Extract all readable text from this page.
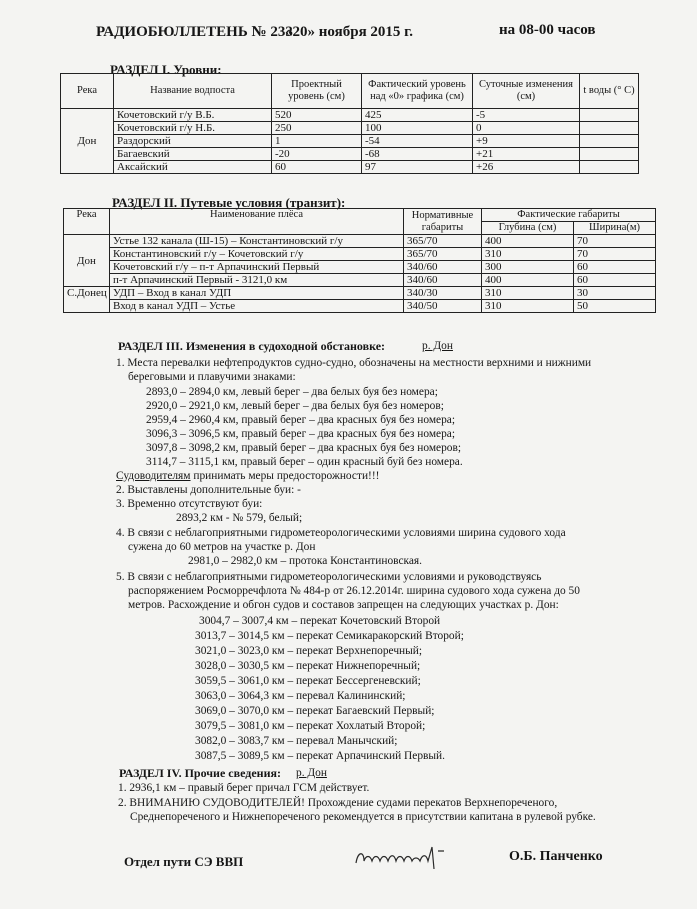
РАДИОБЮЛЛЕТЕНЬ № 233
«20» ноября 2015 г.	на 08-00 часов
РАЗДЕЛ I. Уровни:
Река	Название водпоста	Проектный уровень (см)	Фактический уровень над «0» графика (см)	Суточные изменения (см)	t воды (° С)
Дон	Кочетовский г/у В.Б.	520	425	-5	
	Кочетовский г/у Н.Б.	250	100	0	
	Раздорский	1	-54	+9	
	Багаевский	-20	-68	+21	
	Аксайский	60	97	+26	
РАЗДЕЛ II. Путевые условия (транзит):
Река	Наименование плёса	Нормативные габариты	Фактические габариты	
			Глубина (см)	Ширина(м)
Дон	Устье 132 канала (Ш-15) – Константиновский г/у	365/70	400	70
	Константиновский г/у – Кочетовский г/у	365/70	310	70
	Кочетовский г/у – п-т Арпачинский Первый	340/60	300	60
	п-т Арпачинский Первый - 3121,0 км	340/60	400	60
С.Донец	УДП – Вход в канал УДП	340/30	310	30
	Вход в канал УДП – Устье	340/50	310	50
РАЗДЕЛ III. Изменения в судоходной обстановке:	р. Дон
1. Места перевалки нефтепродуктов судно-судно, обозначены на местности верхними и нижними
береговыми и плавучими знаками:
2893,0 – 2894,0 км, левый берег – два белых буя без номера;
2920,0 – 2921,0 км, левый берег – два белых буя без номеров;
2959,4 – 2960,4 км, правый берег – два красных буя без номера;
3096,3 – 3096,5 км, правый берег – два красных буя без номера;
3097,8 – 3098,2 км, правый берег – два красных буя без номеров;
3114,7 – 3115,1 км, правый берег – один красный буй без номера.
Судоводителям принимать меры предосторожности!!!
2. Выставлены дополнительные буи: -
3. Временно отсутствуют буи:
2893,2 км - № 579, белый;
4. В связи с неблагоприятными гидрометеорологическими условиями ширина судового хода
сужена до 60 метров на участке р. Дон
2981,0 – 2982,0 км – протока Константиновская.
5. В связи с неблагоприятными гидрометеорологическими условиями и руководствуясь
распоряжением Росморречфлота № 484-р от 26.12.2014г. ширина судового хода сужена до 50
метров. Расхождение и обгон судов и составов запрещен на следующих участках р. Дон:
3004,7 – 3007,4 км – перекат Кочетовский Второй
3013,7 – 3014,5 км – перекат Семикаракорский Второй;
3021,0 – 3023,0 км – перекат Верхнепоречный;
3028,0 – 3030,5 км – перекат Нижнепоречный;
3059,5 – 3061,0 км – перекат Бессергеневский;
3063,0 – 3064,3 км – перевал Калининский;
3069,0 – 3070,0 км – перекат Багаевский Первый;
3079,5 – 3081,0 км – перекат Хохлатый Второй;
3082,0 – 3083,7 км – перевал Манычский;
3087,5 – 3089,5 км – перекат Арпачинский Первый.
РАЗДЕЛ IV. Прочие сведения: р. Дон
1. 2936,1 км – правый берег причал ГСМ действует.
2. ВНИМАНИЮ СУДОВОДИТЕЛЕЙ! Прохождение судами перекатов Верхнепореченого,
Среднепореченого и Нижнепореченого рекомендуется в присутствии капитана в рулевой рубке.
Отдел пути СЭ ВВП	О.Б. Панченко
